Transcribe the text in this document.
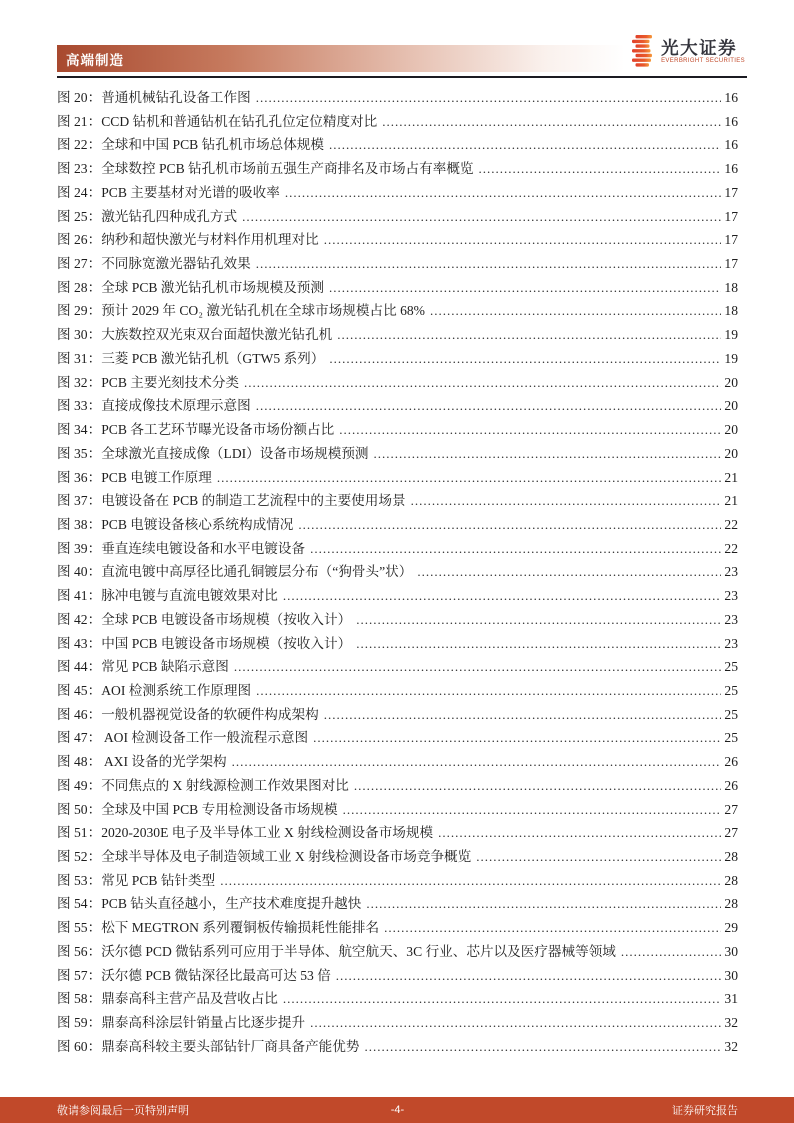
高端制造
光大证券
EVERBRIGHT SECURITIES
图 20： 普通机械钻孔设备工作图 .....	16
图 21： CCD 钻机和普通钻机在钻孔孔位定位精度对比 .....	16
图 22： 全球和中国 PCB 钻孔机市场总体规模 .....	16
图 23： 全球数控 PCB 钻孔机市场前五强生产商排名及市场占有率概览 .....	16
图 24： PCB 主要基材对光谱的吸收率 .....	17
图 25： 激光钻孔四种成孔方式 .....	17
图 26： 纳秒和超快激光与材料作用机理对比 .....	17
图 27： 不同脉宽激光器钻孔效果 .....	17
图 28： 全球 PCB 激光钻孔机市场规模及预测 .....	18
图 29： 预计 2029 年 CO₂ 激光钻孔机在全球市场规模占比 68% .....	18
图 30： 大族数控双光束双台面超快激光钻孔机 .....	19
图 31： 三菱 PCB 激光钻孔机（GTW5 系列） .....	19
图 32： PCB 主要光刻技术分类 .....	20
图 33： 直接成像技术原理示意图 .....	20
图 34： PCB 各工艺环节曝光设备市场份额占比 .....	20
图 35： 全球激光直接成像（LDI）设备市场规模预测 .....	20
图 36： PCB 电镀工作原理 .....	21
图 37： 电镀设备在 PCB 的制造工艺流程中的主要使用场景 .....	21
图 38： PCB 电镀设备核心系统构成情况 .....	22
图 39： 垂直连续电镀设备和水平电镀设备 .....	22
图 40： 直流电镀中高厚径比通孔铜镀层分布（“狗骨头”状） .....	23
图 41： 脉冲电镀与直流电镀效果对比 .....	23
图 42： 全球 PCB 电镀设备市场规模（按收入计） .....	23
图 43： 中国 PCB 电镀设备市场规模（按收入计） .....	23
图 44： 常见 PCB 缺陷示意图 .....	25
图 45： AOI 检测系统工作原理图 .....	25
图 46： 一般机器视觉设备的软硬件构成架构 .....	25
图 47： AOI 检测设备工作一般流程示意图 .....	25
图 48： AXI 设备的光学架构 .....	26
图 49： 不同焦点的 X 射线源检测工作效果图对比 .....	26
图 50： 全球及中国 PCB 专用检测设备市场规模 .....	27
图 51： 2020-2030E 电子及半导体工业 X 射线检测设备市场规模 .....	27
图 52： 全球半导体及电子制造领域工业 X 射线检测设备市场竞争概览 .....	28
图 53： 常见 PCB 钻针类型 .....	28
图 54： PCB 钻头直径越小，生产技术难度提升越快 .....	28
图 55： 松下 MEGTRON 系列覆铜板传输损耗性能排名 .....	29
图 56： 沃尔德 PCD 微钻系列可应用于半导体、航空航天、3C 行业、芯片以及医疗器械等领域 .....	30
图 57： 沃尔德 PCB 微钻深径比最高可达 53 倍 .....	30
图 58： 鼎泰高科主营产品及营收占比 .....	31
图 59： 鼎泰高科涂层针销量占比逐步提升 .....	32
图 60： 鼎泰高科较主要头部钻针厂商具备产能优势 .....	32
敬请参阅最后一页特别声明	-4-	证券研究报告
